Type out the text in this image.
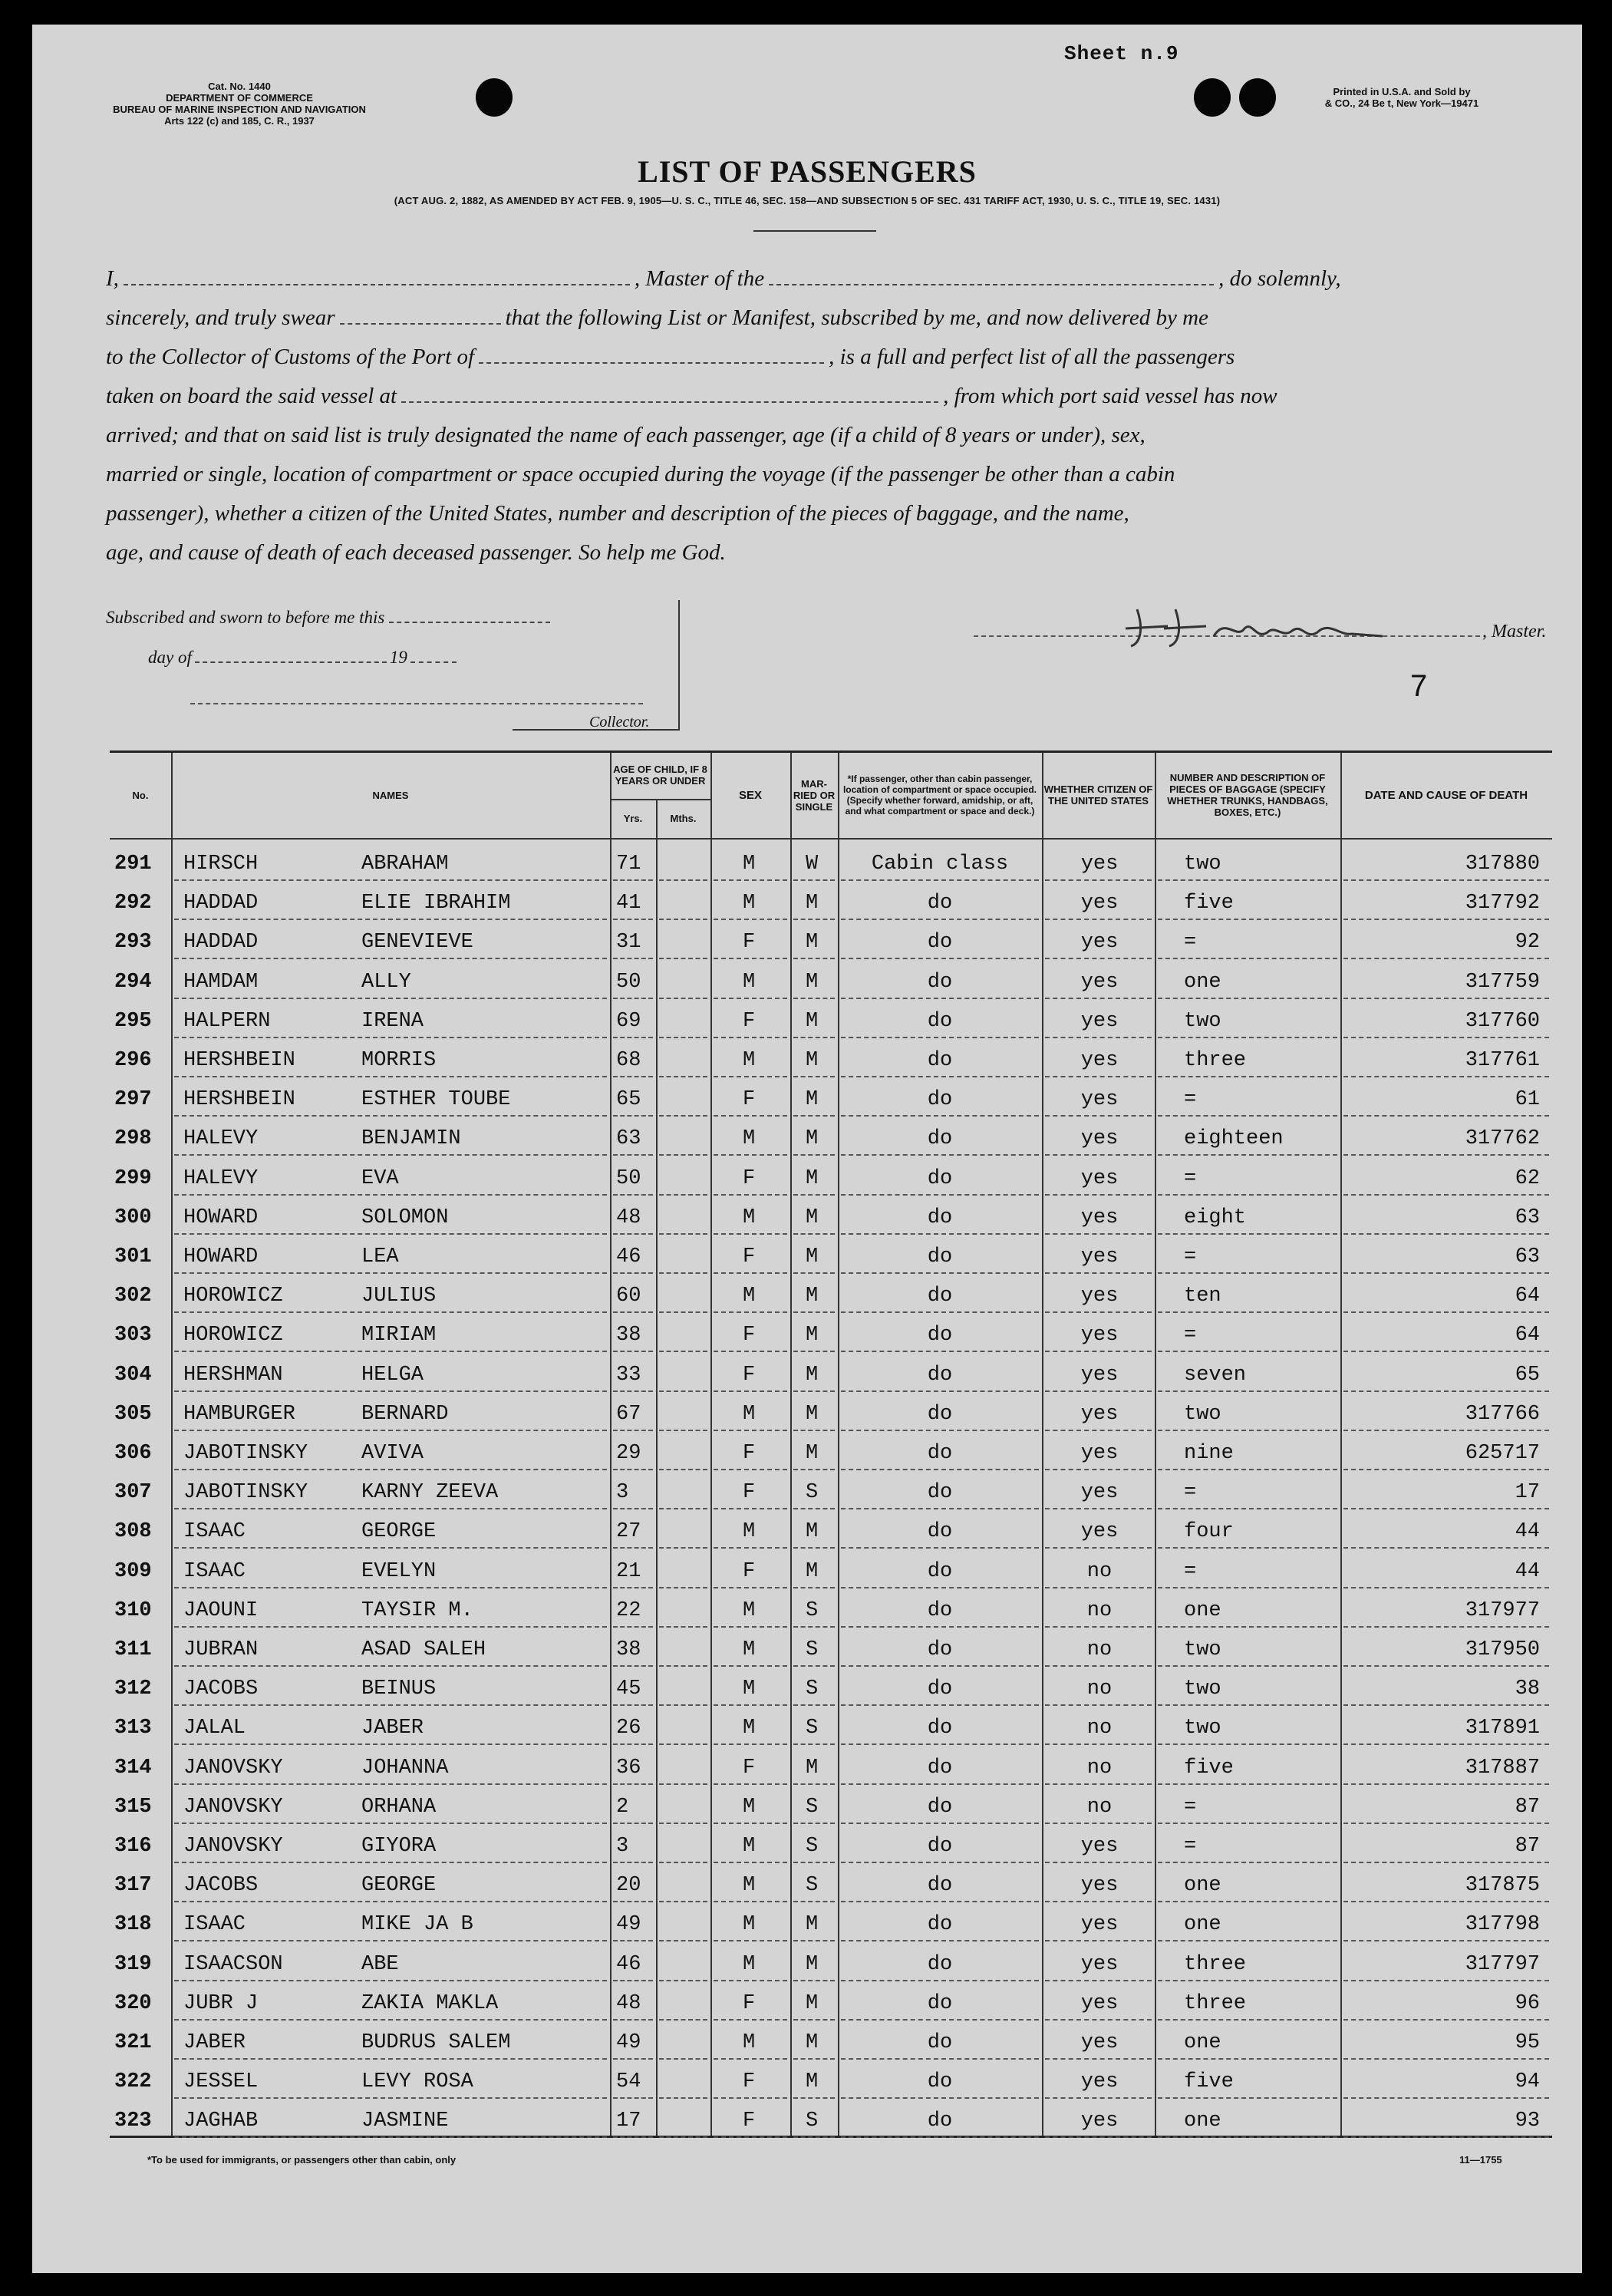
Cat. No. 1440
DEPARTMENT OF COMMERCE
BUREAU OF MARINE INSPECTION AND NAVIGATION
Arts 122 (c) and 185, C. R., 1937
Sheet n.9
Printed in U.S.A. and Sold by
& CO., 24 Be t, New York—19471
LIST OF PASSENGERS
(ACT AUG. 2, 1882, AS AMENDED BY ACT FEB. 9, 1905—U. S. C., TITLE 46, SEC. 158—AND SUBSECTION 5 OF SEC. 431 TARIFF ACT, 1930, U. S. C., TITLE 19, SEC. 1431)
I,	, Master of the	, do solemnly,
sincerely, and truly swear	that the following List or Manifest, subscribed by me, and now delivered by me
to the Collector of Customs of the Port of	, is a full and perfect list of all the passengers
taken on board the said vessel at	, from which port said vessel has now
arrived; and that on said list is truly designated the name of each passenger, age (if a child of 8 years or under), sex,
married or single, location of compartment or space occupied during the voyage (if the passenger be other than a cabin
passenger), whether a citizen of the United States, number and description of the pieces of baggage, and the name,
age, and cause of death of each deceased passenger. So help me God.
Subscribed and sworn to before me this
day of	19
Collector.
, Master.
7
No.	NAMES
AGE OF CHILD, IF 8 YEARS OR UNDER
Yrs.	Mths.
SEX
MAR-RIED OR SINGLE
*If passenger, other than cabin passenger, location of compartment or space occupied. (Specify whether forward, amidship, or aft, and what compartment or space and deck.)
WHETHER CITIZEN OF THE UNITED STATES
NUMBER AND DESCRIPTION OF PIECES OF BAGGAGE (SPECIFY WHETHER TRUNKS, HANDBAGS, BOXES, ETC.)
DATE AND CAUSE OF DEATH
291 HIRSCH	ABRAHAM	71	M W	Cabin class	yes	two	317880
292 HADDAD	ELIE IBRAHIM	41	M M	do	yes	five	317792
293 HADDAD	GENEVIEVE	31	F M	do	yes	=	92
294 HAMDAM	ALLY	50	M M	do	yes	one	317759
295 HALPERN	IRENA	69	F M	do	yes	two	317760
296 HERSHBEIN	MORRIS	68	M M	do	yes	three	317761
297 HERSHBEIN	ESTHER TOUBE	65	F M	do	yes	=	61
298 HALEVY	BENJAMIN	63	M M	do	yes	eighteen	317762
299 HALEVY	EVA	50	F M	do	yes	=	62
300 HOWARD	SOLOMON	48	M M	do	yes	eight	63
301 HOWARD	LEA	46	F M	do	yes	=	63
302 HOROWICZ	JULIUS	60	M M	do	yes	ten	64
303 HOROWICZ	MIRIAM	38	F M	do	yes	=	64
304 HERSHMAN	HELGA	33	F M	do	yes	seven	65
305 HAMBURGER	BERNARD	67	M M	do	yes	two	317766
306 JABOTINSKY	AVIVA	29	F M	do	yes	nine	625717
307 JABOTINSKY	KARNY ZEEVA	3	F S	do	yes	=	17
308 ISAAC	GEORGE	27	M M	do	yes	four	44
309 ISAAC	EVELYN	21	F M	do	no	=	44
310 JAOUNI	TAYSIR M.	22	M S	do	no	one	317977
311 JUBRAN	ASAD SALEH	38	M S	do	no	two	317950
312 JACOBS	BEINUS	45	M S	do	no	two	38
313 JALAL	JABER	26	M S	do	no	two	317891
314 JANOVSKY	JOHANNA	36	F M	do	no	five	317887
315 JANOVSKY	ORHANA	2	M S	do	no	=	87
316 JANOVSKY	GIYORA	3	M S	do	yes	=	87
317 JACOBS	GEORGE	20	M S	do	yes	one	317875
318 ISAAC	MIKE JA B	49	M M	do	yes	one	317798
319 ISAACSON	ABE	46	M M	do	yes	three	317797
320 JUBR J	ZAKIA MAKLA	48	F M	do	yes	three	96
321 JABER	BUDRUS SALEM	49	M M	do	yes	one	95
322 JESSEL	LEVY ROSA	54	F M	do	yes	five	94
323 JAGHAB	JASMINE	17	F S	do	yes	one	93
*To be used for immigrants, or passengers other than cabin, only	11—1755
